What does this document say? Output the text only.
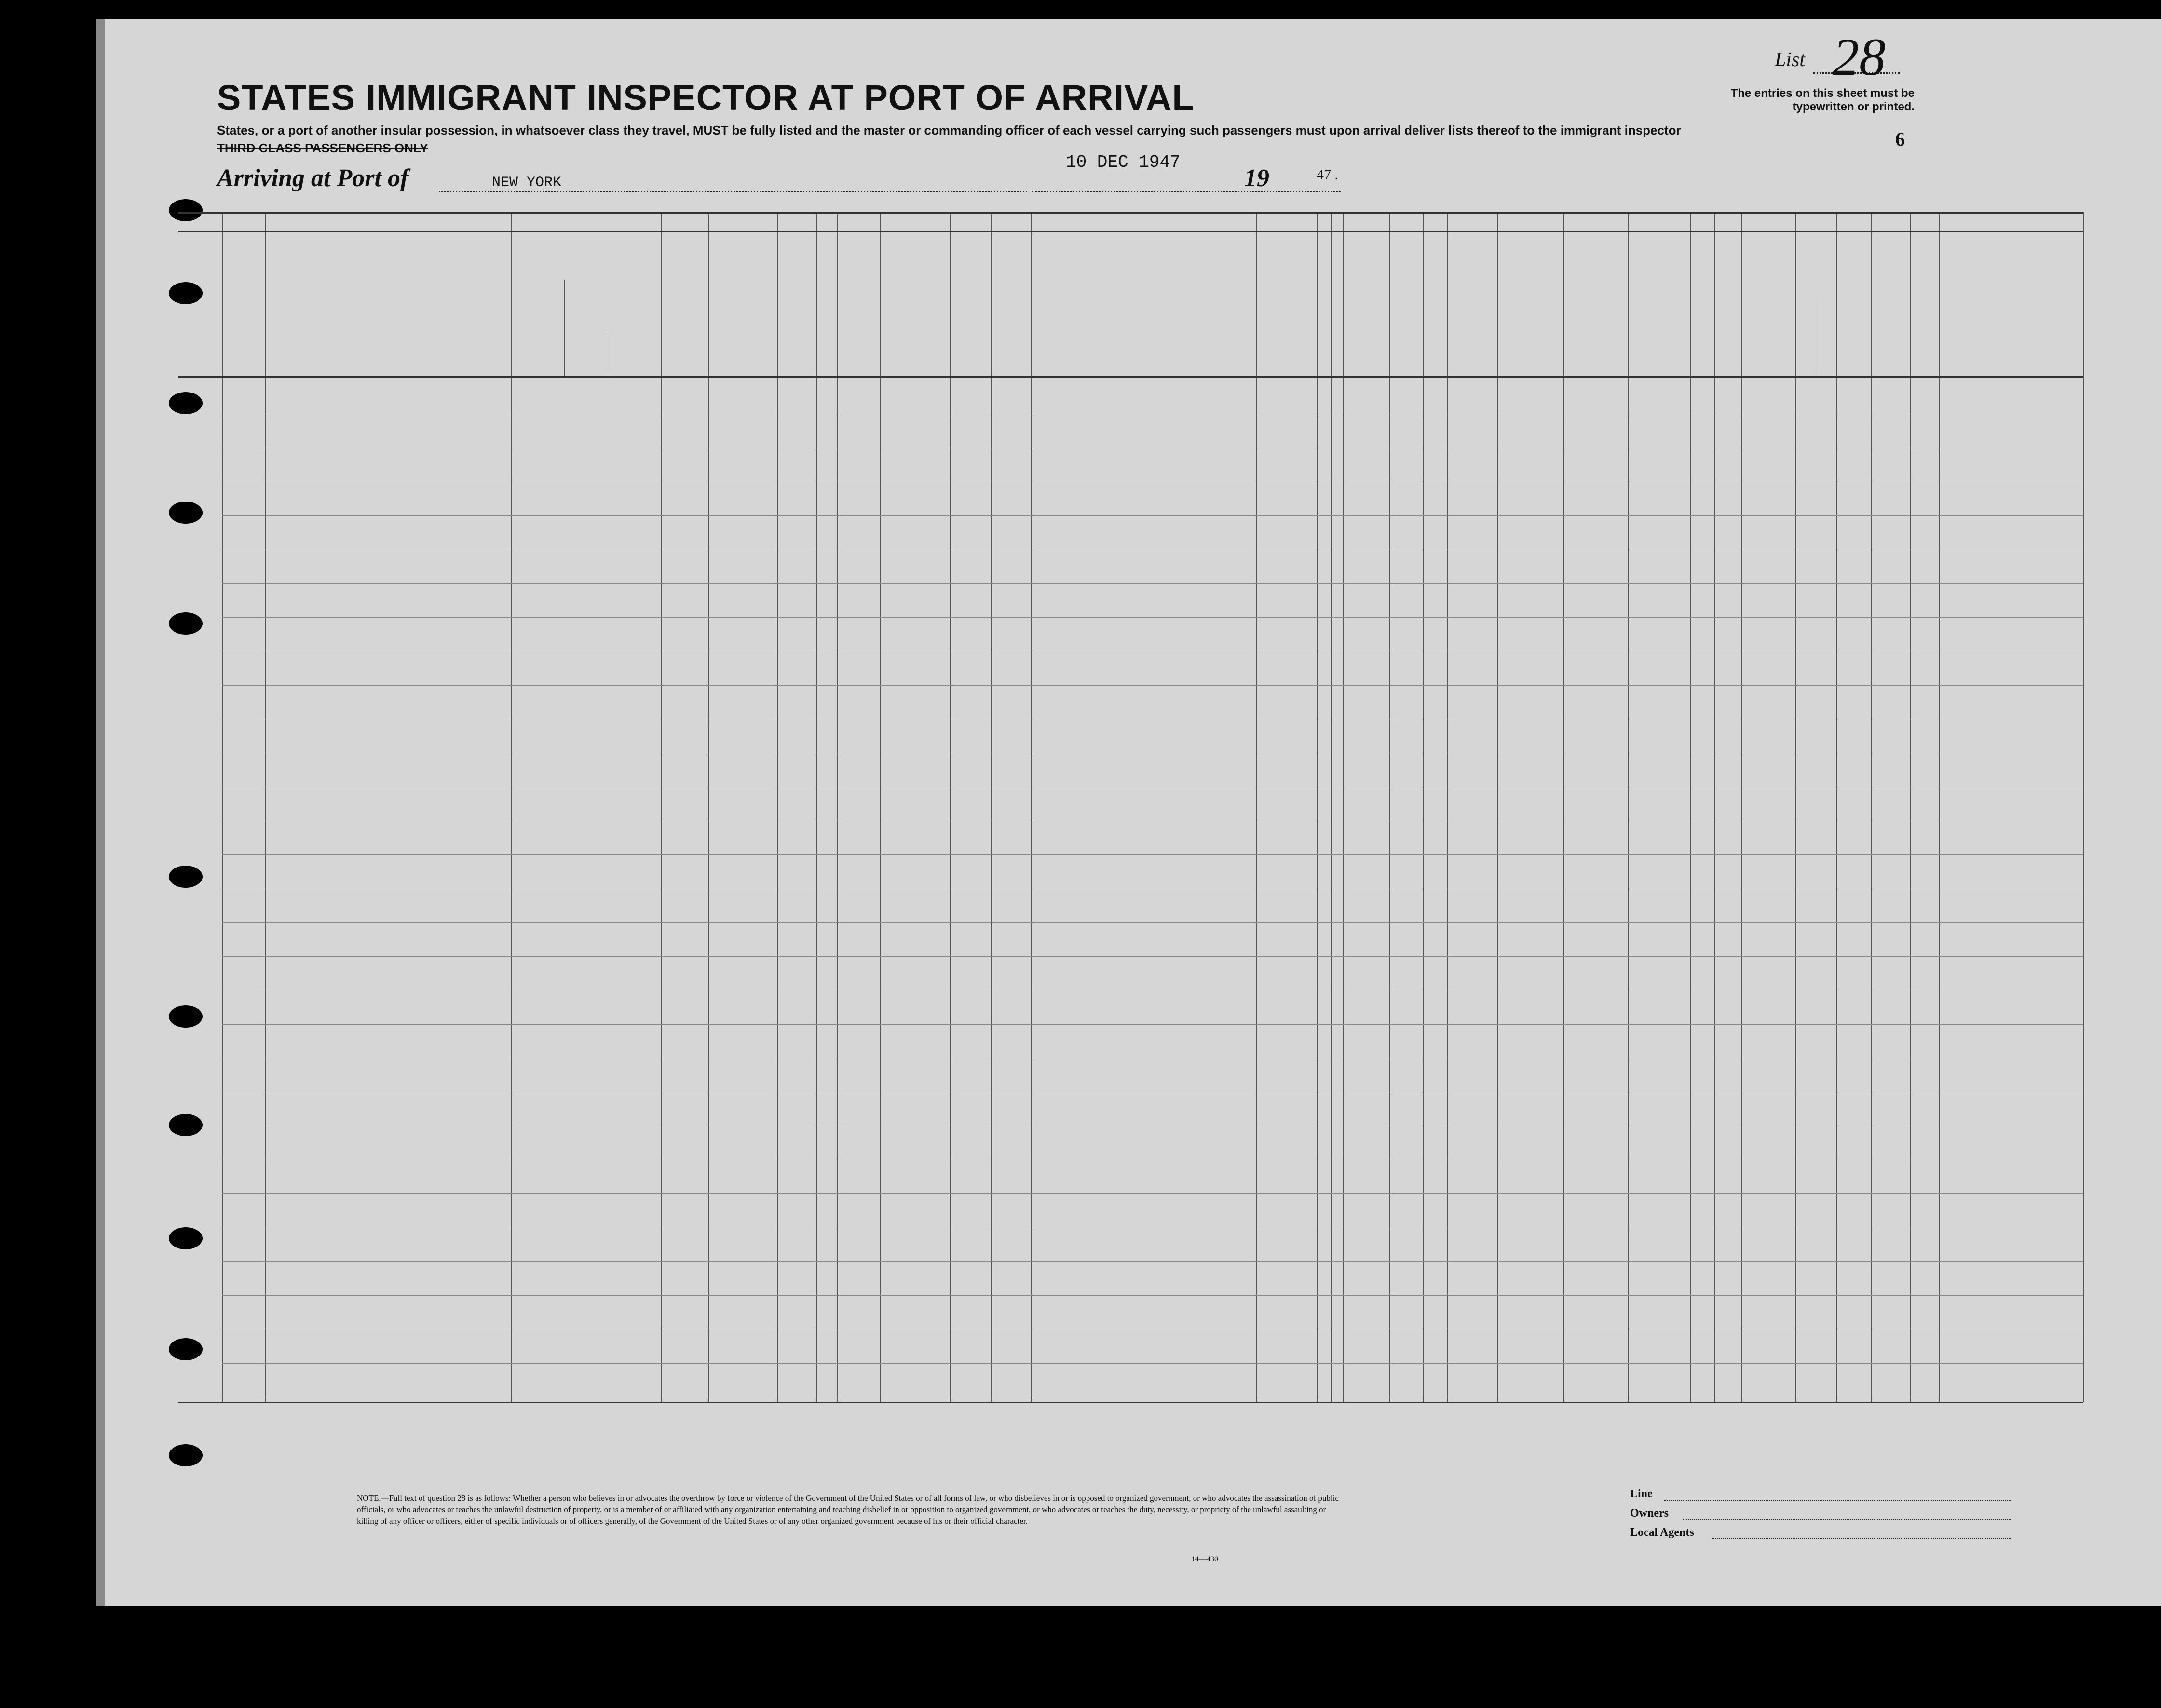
STATES IMMIGRANT INSPECTOR AT PORT OF ARRIVAL
States, or a port of another insular possession, in whatsoever class they travel, MUST be fully listed and the master or commanding officer of each vessel carrying such passengers must upon arrival deliver lists thereof to the immigrant inspector
THIRD CLASS PASSENGERS ONLY
Arriving at Port of	NEW YORK
10 DEC 1947
19	47 .
List 28
The entries on this sheet must be typewritten or printed.
6
NOTE.—Full text of question 28 is as follows: Whether a person who believes in or advocates the overthrow by force or violence of the Government of the United States or of all forms of law, or who disbelieves in or is opposed to organized government, or who advocates the assassination of public officials, or who advocates or teaches the unlawful destruction of property, or is a member of or affiliated with any organization entertaining and teaching disbelief in or opposition to organized government, or who advocates or teaches the duty, necessity, or propriety of the unlawful assaulting or killing of any officer or officers, either of specific individuals or of officers generally, of the Government of the United States or of any other organized government because of his or their official character.
14—430
Line
Owners
Local Agents
